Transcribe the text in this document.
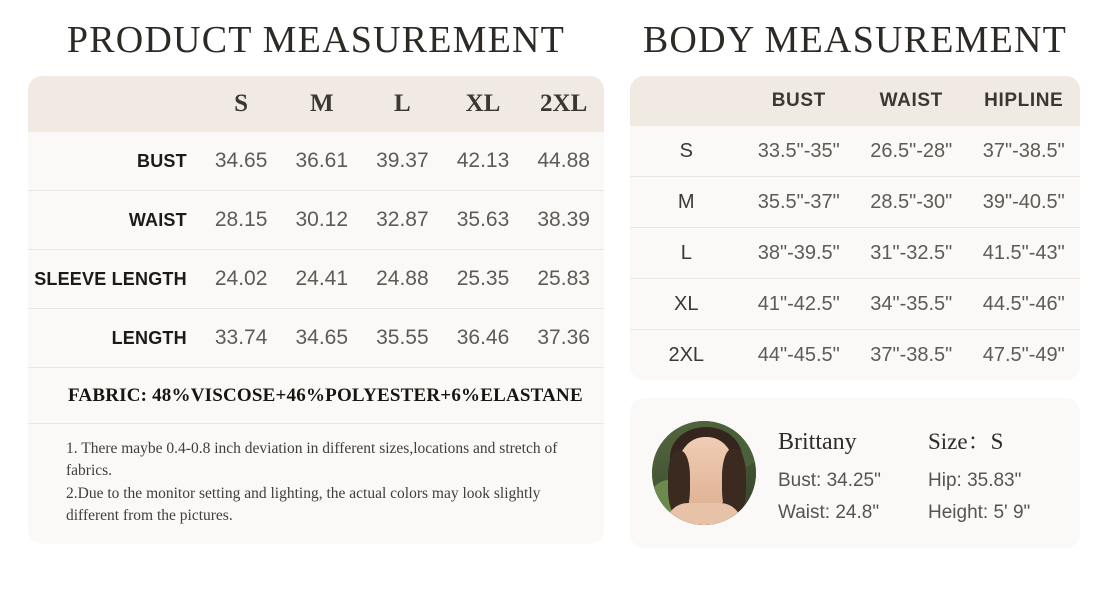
PRODUCT MEASUREMENT
	S	M	L	XL	2XL
BUST	34.65	36.61	39.37	42.13	44.88
WAIST	28.15	30.12	32.87	35.63	38.39
SLEEVE LENGTH	24.02	24.41	24.88	25.35	25.83
LENGTH	33.74	34.65	35.55	36.46	37.36
FABRIC: 48%VISCOSE+46%POLYESTER+6%ELASTANE

1. There maybe 0.4-0.8 inch deviation in different sizes,locations and stretch of fabrics.

2.Due to the monitor setting and lighting, the actual colors may look slightly different from the pictures.

BODY MEASUREMENT
	BUST	WAIST	HIPLINE
S	33.5"-35"	26.5"-28"	37"-38.5"
M	35.5"-37"	28.5"-30"	39"-40.5"
L	38"-39.5"	31"-32.5"	41.5"-43"
XL	41"-42.5"	34"-35.5"	44.5"-46"
2XL	44"-45.5"	37"-38.5"	47.5"-49"
Brittany	Size：S
Bust: 34.25"	Hip: 35.83"
Waist: 24.8"	Height: 5' 9"
